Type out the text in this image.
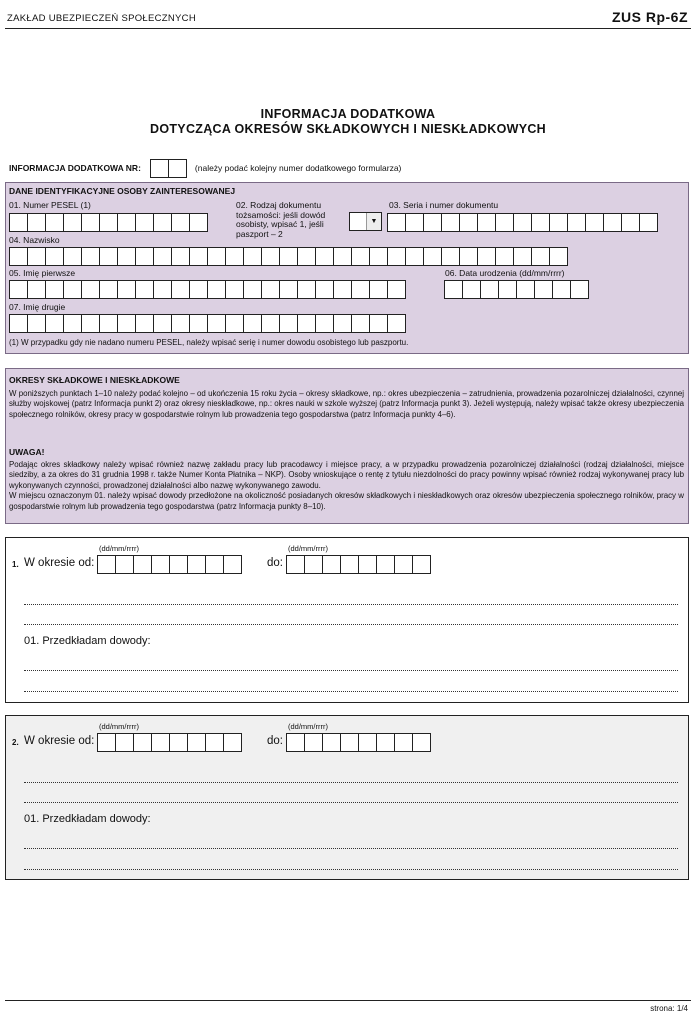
ZAKŁAD UBEZPIECZEŃ SPOŁECZNYCH	ZUS Rp-6Z
INFORMACJA DODATKOWA
DOTYCZĄCA OKRESÓW SKŁADKOWYCH I NIESKŁADKOWYCH
INFORMACJA DODATKOWA NR:	(należy podać kolejny numer dodatkowego formularza)
DANE IDENTYFIKACYJNE OSOBY ZAINTERESOWANEJ
01. Numer PESEL (1)	02. Rodzaj dokumentu tożsamości: jeśli dowód osobisty, wpisać 1, jeśli paszport – 2
▼
03. Seria i numer dokumentu
04. Nazwisko
05. Imię pierwsze	06. Data urodzenia (dd/mm/rrrr)
07. Imię drugie
(1) W przypadku gdy nie nadano numeru PESEL, należy wpisać serię i numer dowodu osobistego lub paszportu.
OKRESY SKŁADKOWE I NIESKŁADKOWE
W poniższych punktach 1–10 należy podać kolejno – od ukończenia 15 roku życia – okresy składkowe, np.: okres ubezpieczenia – zatrudnienia, prowadzenia pozarolniczej działalności, czynnej służby wojskowej (patrz Informacja punkt 2) oraz okresy nieskładkowe, np.: okres nauki w szkole wyższej (patrz Informacja punkt 3). Jeżeli występują, należy wpisać także okresy ubezpieczenia społecznego rolników, okresy pracy w gospodarstwie rolnym lub prowadzenia tego gospodarstwa (patrz Informacja punkty 4–6).
UWAGA!
Podając okres składkowy należy wpisać również nazwę zakładu pracy lub pracodawcy i miejsce pracy, a w przypadku prowadzenia pozarolniczej działalności (rodzaj działalności, miejsce siedziby, a za okres do 31 grudnia 1998 r. także Numer Konta Płatnika – NKP). Osoby wnioskujące o rentę z tytułu niezdolności do pracy powinny wpisać również rodzaj wykonywanej pracy lub wykonywanych czynności, prowadzonej działalności albo nazwę wykonywanego zawodu.
W miejscu oznaczonym 01. należy wpisać dowody przedłożone na okoliczność posiadanych okresów składkowych i nieskładkowych oraz okresów ubezpieczenia społecznego rolników, pracy w gospodarstwie rolnym lub prowadzenia tego gospodarstwa (patrz Informacja punkty 8–10).
1. W okresie od:
(dd/mm/rrrr)
do:
(dd/mm/rrrr)
01. Przedkładam dowody:
2. W okresie od:
(dd/mm/rrrr)
do:
(dd/mm/rrrr)
01. Przedkładam dowody:
strona: 1/4
